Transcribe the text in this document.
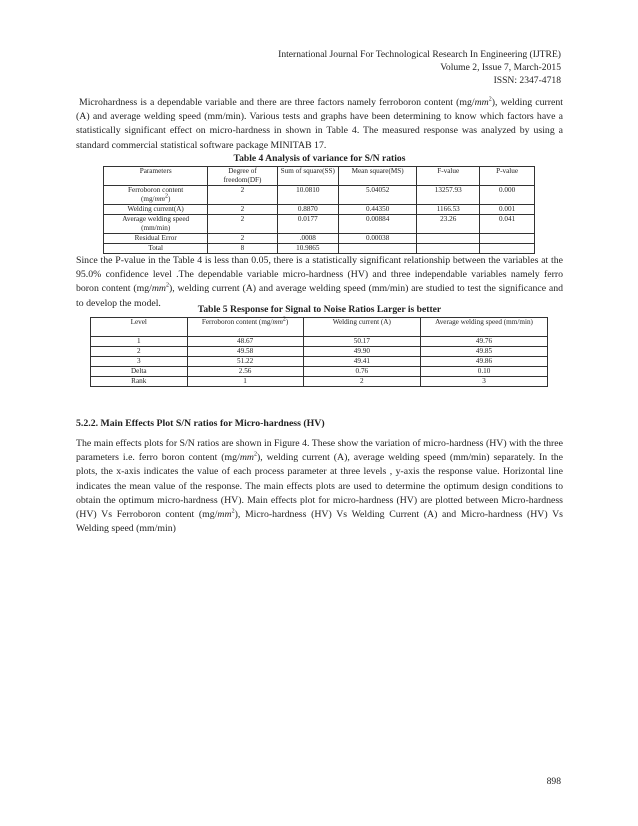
International Journal For Technological Research In Engineering (IJTRE)
Volume 2, Issue 7, March-2015
ISSN: 2347-4718

Microhardness is a dependable variable and there are three factors namely ferroboron content $(mg/mm^2)$, welding current (A) and average welding speed (mm/min). Various tests and graphs have been determining to know which factors have a statistically significant effect on micro-hardness in shown in Table 4. The measured response was analyzed by using a standard commercial statistical software package MINITAB 17.

Table 4 Analysis of variance for S/N ratios
Parameters	Degree of freedom(DF)	Sum of square(SS)	Mean square(MS)	F-value	P-value
Ferroboron content
$(mg/mm^2)$	2	10.0810	5.04052	13257.93	0.000
Welding current(A)	2	0.8870	0.44350	1166.53	0.001
Average welding speed (mm/min)	2	0.0177	0.00884	23.26	0.041
Residual Error	2	.0008	0.00038		
Total	8	10.9865			

Since the P-value in the Table 4 is less than 0.05, there is a statistically significant relationship between the variables at the 95.0% confidence level .The dependable variable micro-hardness (HV) and three independable variables namely ferro boron content $(mg/mm^2)$, welding current (A) and average welding speed (mm/min) are studied to test the significance and to develop the model.

Table 5 Response for Signal to Noise Ratios Larger is better
Level	Ferroboron content $(mg/mm^2)$	Welding current (A)	Average welding speed (mm/min)
1	48.67	50.17	49.76
2	49.58	49.90	49.85
3	51.22	49.41	49.86
Delta	2.56	0.76	0.10
Rank	1	2	3
5.2.2. Main Effects Plot S/N ratios for Micro-hardness (HV)

The main effects plots for S/N ratios are shown in Figure 4. These show the variation of micro-hardness (HV) with the three parameters i.e. ferro boron content $(mg/mm^2)$, welding current (A), average welding speed (mm/min) separately. In the plots, the x-axis indicates the value of each process parameter at three levels , y-axis the response value. Horizontal line indicates the mean value of the response. The main effects plots are used to determine the optimum design conditions to obtain the optimum micro-hardness (HV). Main effects plot for micro-hardness (HV) are plotted between Micro-hardness (HV) Vs Ferroboron content $(mg/mm^2)$, Micro-hardness (HV) Vs Welding Current (A) and Micro-hardness (HV) Vs Welding speed (mm/min)

898
